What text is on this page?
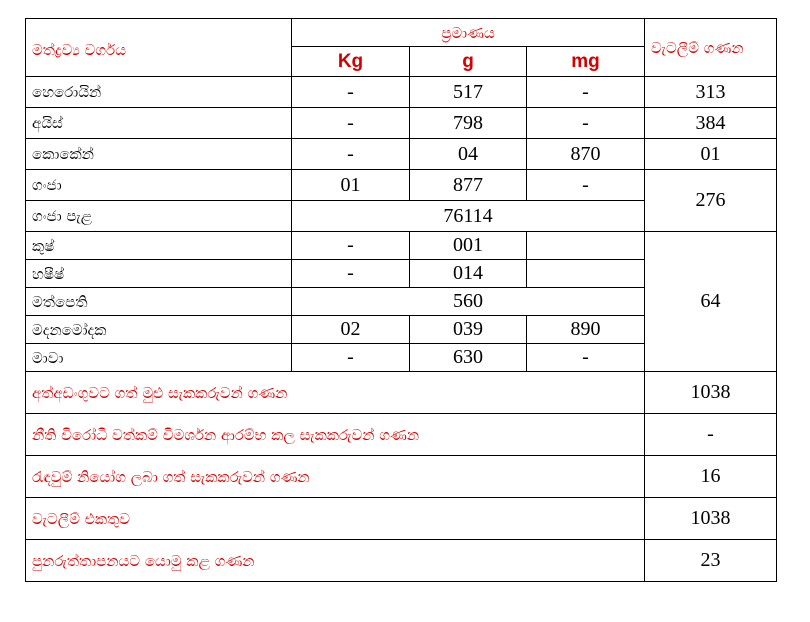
මත්ද්‍රව්‍ය වර්ගය	ප්‍රමාණය			වැටලීම් ගණන
	Kg	g	mg	
හෙරොයින්	-	517	-	313
අයිස්	-	798	-	384
කොකේන්	-	04	870	01
ගංජා	01	877	-	276
ගංජා පැළ	76114			
කුෂ්	-	001		64
හෂීෂ්	-	014		
මත්පෙති	560			
මදනමෝදක	02	039	890	
මාවා	-	630	-	
අත්අඩංගුවට ගත් මුළු සැකකරුවන් ගණන				1038
නීති විරෝධී වත්කම් විමර්ශන ආරම්භ කල සැකකරුවන් ගණන				-
රැඳවුම් නියෝග ලබා ගත් සැකකරුවන් ගණන				16
වැටලීම් එකතුව				1038
පුනරුත්තාපනයට යොමු කළ ගණන				23
